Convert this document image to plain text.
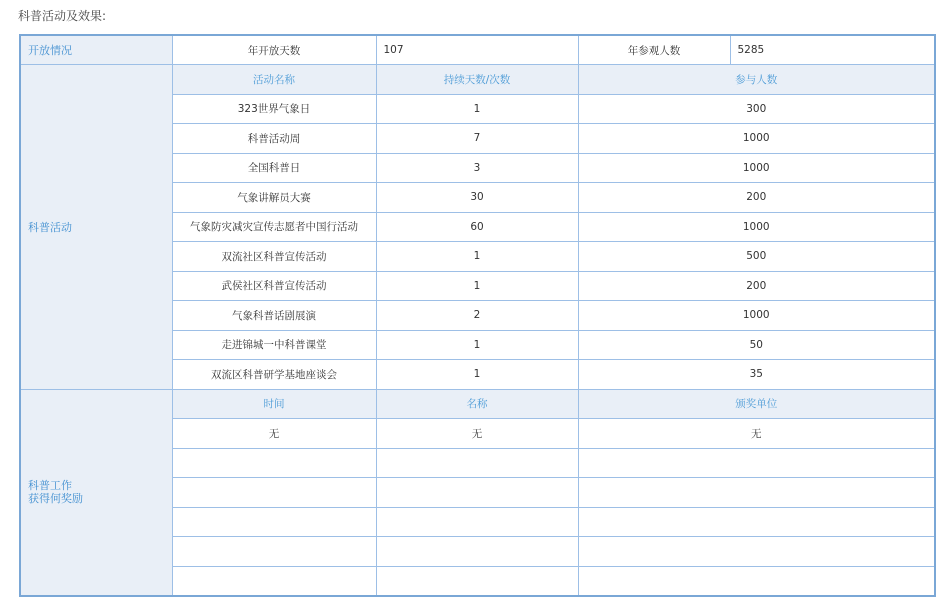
科普活动及效果:
开放情况	年开放天数	107	年参观人数	5285
科普活动	活动名称	持续天数/次数	参与人数	
	323世界气象日	1	300	
	科普活动周	7	1000	
	全国科普日	3	1000	
	气象讲解员大赛	30	200	
	气象防灾减灾宣传志愿者中国行活动	60	1000	
	双流社区科普宣传活动	1	500	
	武侯社区科普宣传活动	1	200	
	气象科普话剧展演	2	1000	
	走进锦城一中科普课堂	1	50	
	双流区科普研学基地座谈会	1	35	

科普工作
获得何奖励	时间	名称	颁奖单位	
	无	无	无	
